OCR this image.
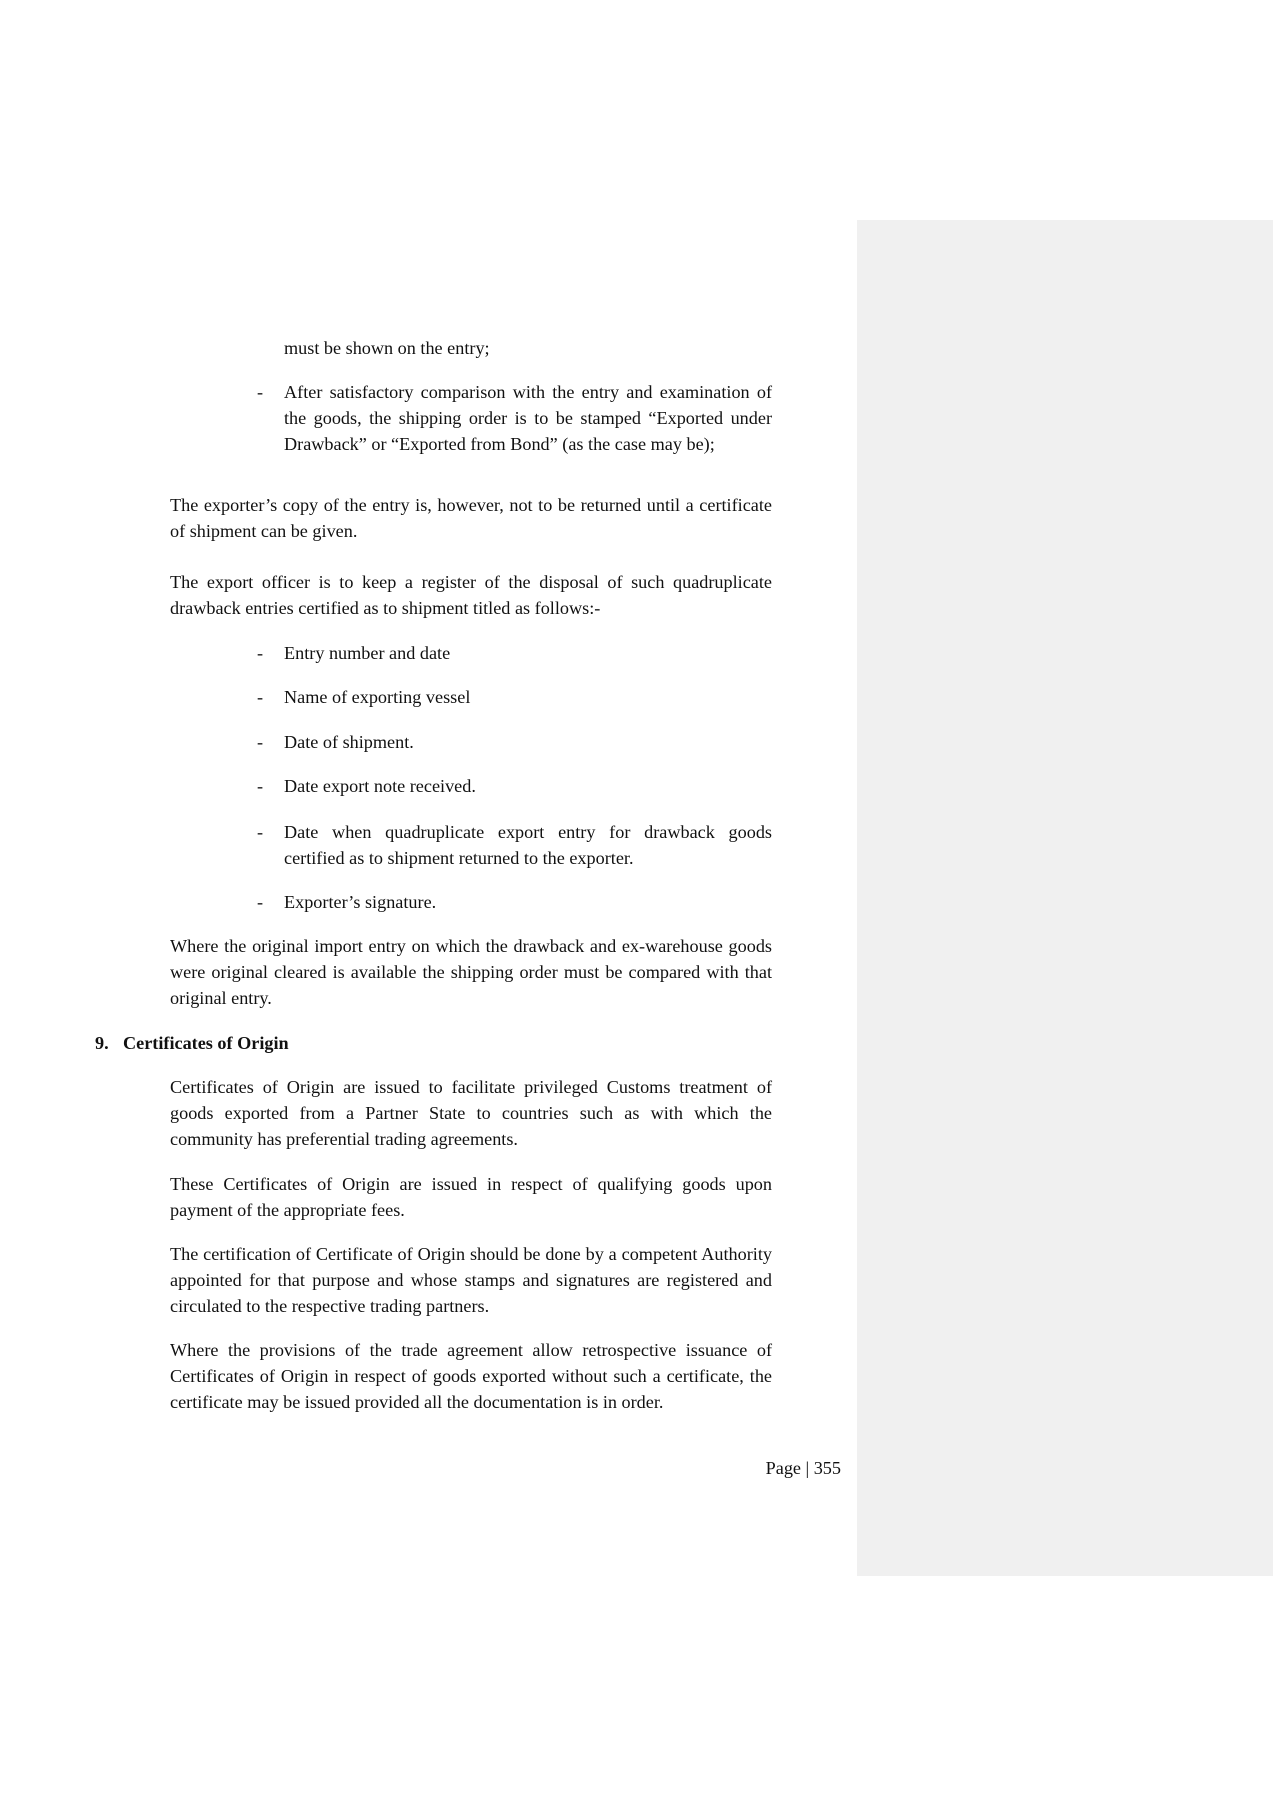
must be shown on the entry;
- After satisfactory comparison with the entry and examination of the goods, the shipping order is to be stamped “Exported under Drawback” or “Exported from Bond” (as the case may be);
The exporter’s copy of the entry is, however, not to be returned until a certificate of shipment can be given.
The export officer is to keep a register of the disposal of such quadruplicate drawback entries certified as to shipment titled as follows:-
- Entry number and date
- Name of exporting vessel
- Date of shipment.
- Date export note received.
- Date when quadruplicate export entry for drawback goods certified as to shipment returned to the exporter.
- Exporter’s signature.
Where the original import entry on which the drawback and ex-warehouse goods were original cleared is available the shipping order must be compared with that original entry.
9. Certificates of Origin
Certificates of Origin are issued to facilitate privileged Customs treatment of goods exported from a Partner State to countries such as with which the community has preferential trading agreements.
These Certificates of Origin are issued in respect of qualifying goods upon payment of the appropriate fees.
The certification of Certificate of Origin should be done by a competent Authority appointed for that purpose and whose stamps and signatures are registered and circulated to the respective trading partners.
Where the provisions of the trade agreement allow retrospective issuance of Certificates of Origin in respect of goods exported without such a certificate, the certificate may be issued provided all the documentation is in order.
Page | 355
